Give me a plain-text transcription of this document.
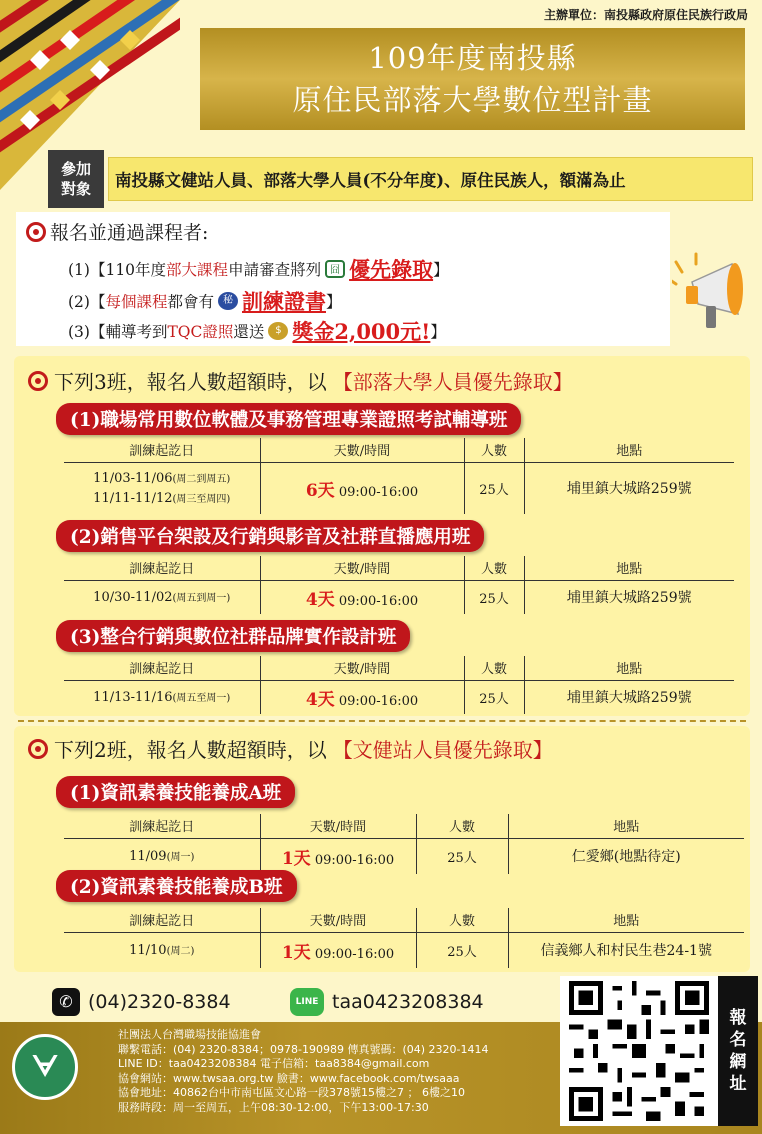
主辦單位：南投縣政府原住民族行政局
109年度南投縣
原住民部落大學數位型計畫
參加
對象	南投縣文健站人員、部落大學人員(不分年度)、原住民族人，額滿為止
報名並通過課程者:
(1)【110年度 部大課程 申請審查將列 囧 優先錄取 】
(2)【 每個課程 都會有 秘 訓練證書 】
(3)【輔導考到 TQC證照 還送	$ 獎金2,000元! 】
下列3班，報名人數超額時，以 【部落大學人員優先錄取】
(1)職場常用數位軟體及事務管理專業證照考試輔導班
訓練起訖日	天數/時間	人數	地點

11/03-11/06(周二到周五)
11/11-11/12(周三至周四)	6天 09:00-16:00	25人	埔里鎮大城路259號
(2)銷售平台架設及行銷與影音及社群直播應用班
訓練起訖日	天數/時間	人數	地點
10/30-11/02(周五到周一)	4天 09:00-16:00	25人	埔里鎮大城路259號
(3)整合行銷與數位社群品牌實作設計班
訓練起訖日	天數/時間	人數	地點
11/13-11/16(周五至周一)	4天 09:00-16:00	25人	埔里鎮大城路259號
下列2班，報名人數超額時，以 【文健站人員優先錄取】
(1)資訊素養技能養成A班
訓練起訖日	天數/時間	人數	地點
11/09(周一)	1天 09:00-16:00	25人	仁愛鄉(地點待定)
(2)資訊素養技能養成B班
訓練起訖日	天數/時間	人數	地點
11/10(周二)	1天 09:00-16:00	25人	信義鄉人和村民生巷24-1號
✆ (04)2320-8384	LINE taa0423208384
ᗄ
社團法人台灣職場技能協進會
聯繫電話：(04) 2320-8384；0978-190989 傳真號碼：(04) 2320-1414
LINE ID：taa0423208384 電子信箱：taa8384@gmail.com
協會網站：www.twsaa.org.tw 臉書：www.facebook.com/twsaaa
協會地址：40862台中市南屯區文心路一段378號15樓之7 ； 6樓之10
服務時段：周一至周五，上午08:30-12:00，下午13:00-17:30
報
名
網
址
